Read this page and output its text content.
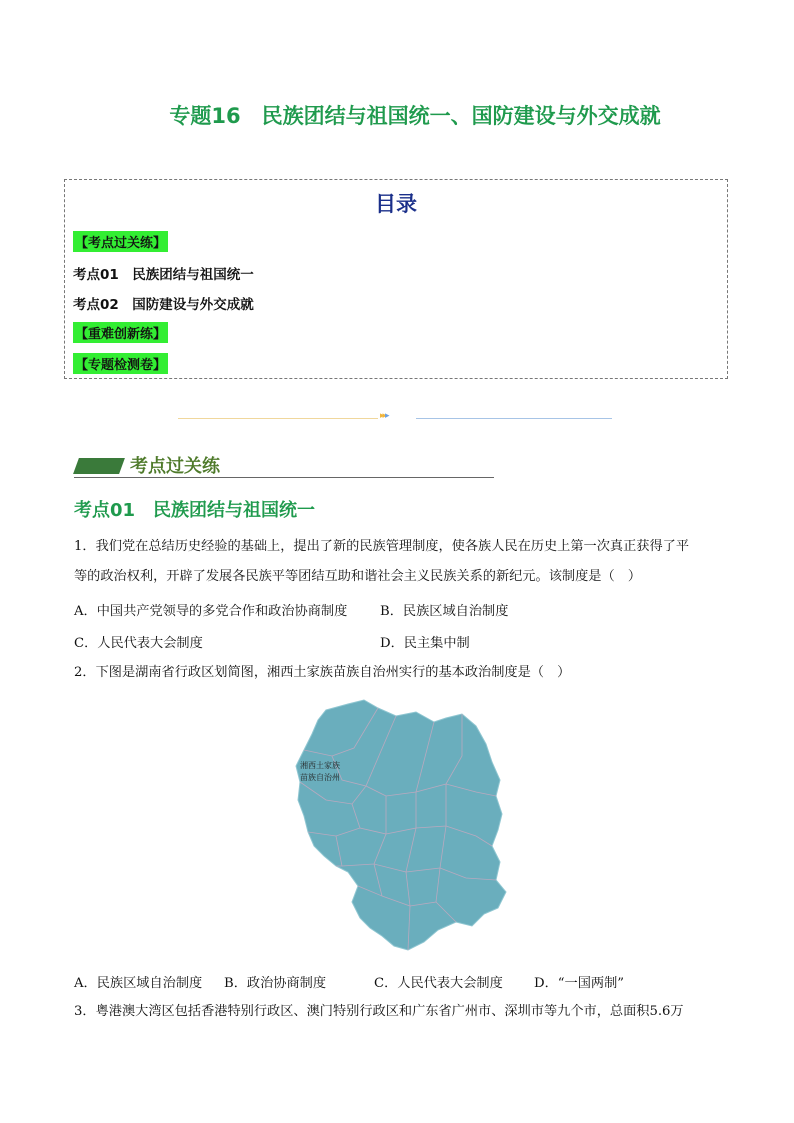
专题16　民族团结与祖国统一、国防建设与外交成就
目录
【考点过关练】
考点01　民族团结与祖国统一
考点02　国防建设与外交成就
【重难创新练】
【专题检测卷】
▸▸▸
考点过关练
考点01　民族团结与祖国统一
1．我们党在总结历史经验的基础上，提出了新的民族管理制度，使各族人民在历史上第一次真正获得了平
等的政治权利，开辟了发展各民族平等团结互助和谐社会主义民族关系的新纪元。该制度是（　）
A．中国共产党领导的多党合作和政治协商制度 B．民族区域自治制度
C．人民代表大会制度	D．民主集中制
2．下图是湖南省行政区划简图，湘西土家族苗族自治州实行的基本政治制度是（　）
湘西土家族
苗族自治州
A．民族区域自治制度 B．政治协商制度	C．人民代表大会制度 D．“一国两制”
3．粤港澳大湾区包括香港特别行政区、澳门特别行政区和广东省广州市、深圳市等九个市，总面积5.6万
